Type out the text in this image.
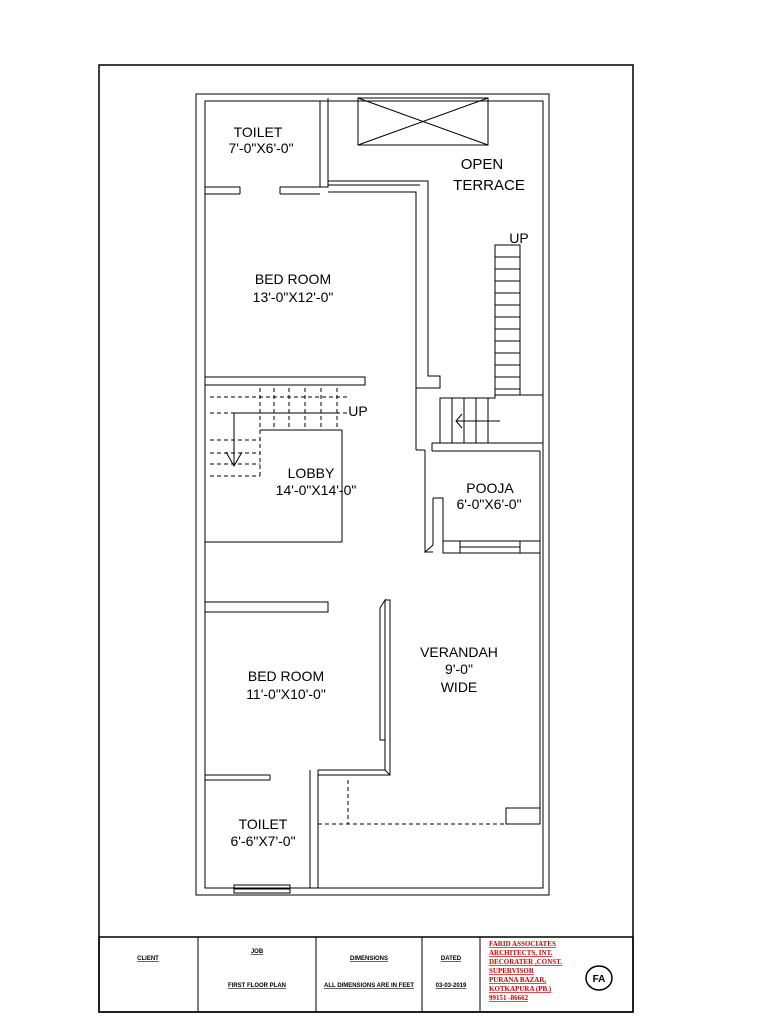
TOILET
7'-0"X6'-0"
OPEN
TERRACE
UP
BED ROOM
13'-0"X12'-0"
UP
LOBBY
14'-0"X14'-0"	POOJA
6'-0"X6'-0"
VERANDAH
9'-0"
WIDE
BED ROOM
11'-0"X10'-0"
TOILET
6'-6"X7'-0"
CLIENT
JOB
FIRST FLOOR PLAN
DIMENSIONS
ALL DIMENSIONS ARE IN FEET
DATED
03-03-2019
FARID ASSOCIATES
ARCHITECTS, INT.
DECORATER ,CONST.
SUPERVISOR
PURANA BAZAR,
KOTKAPURA (PB.)
99151 -86662
FA
